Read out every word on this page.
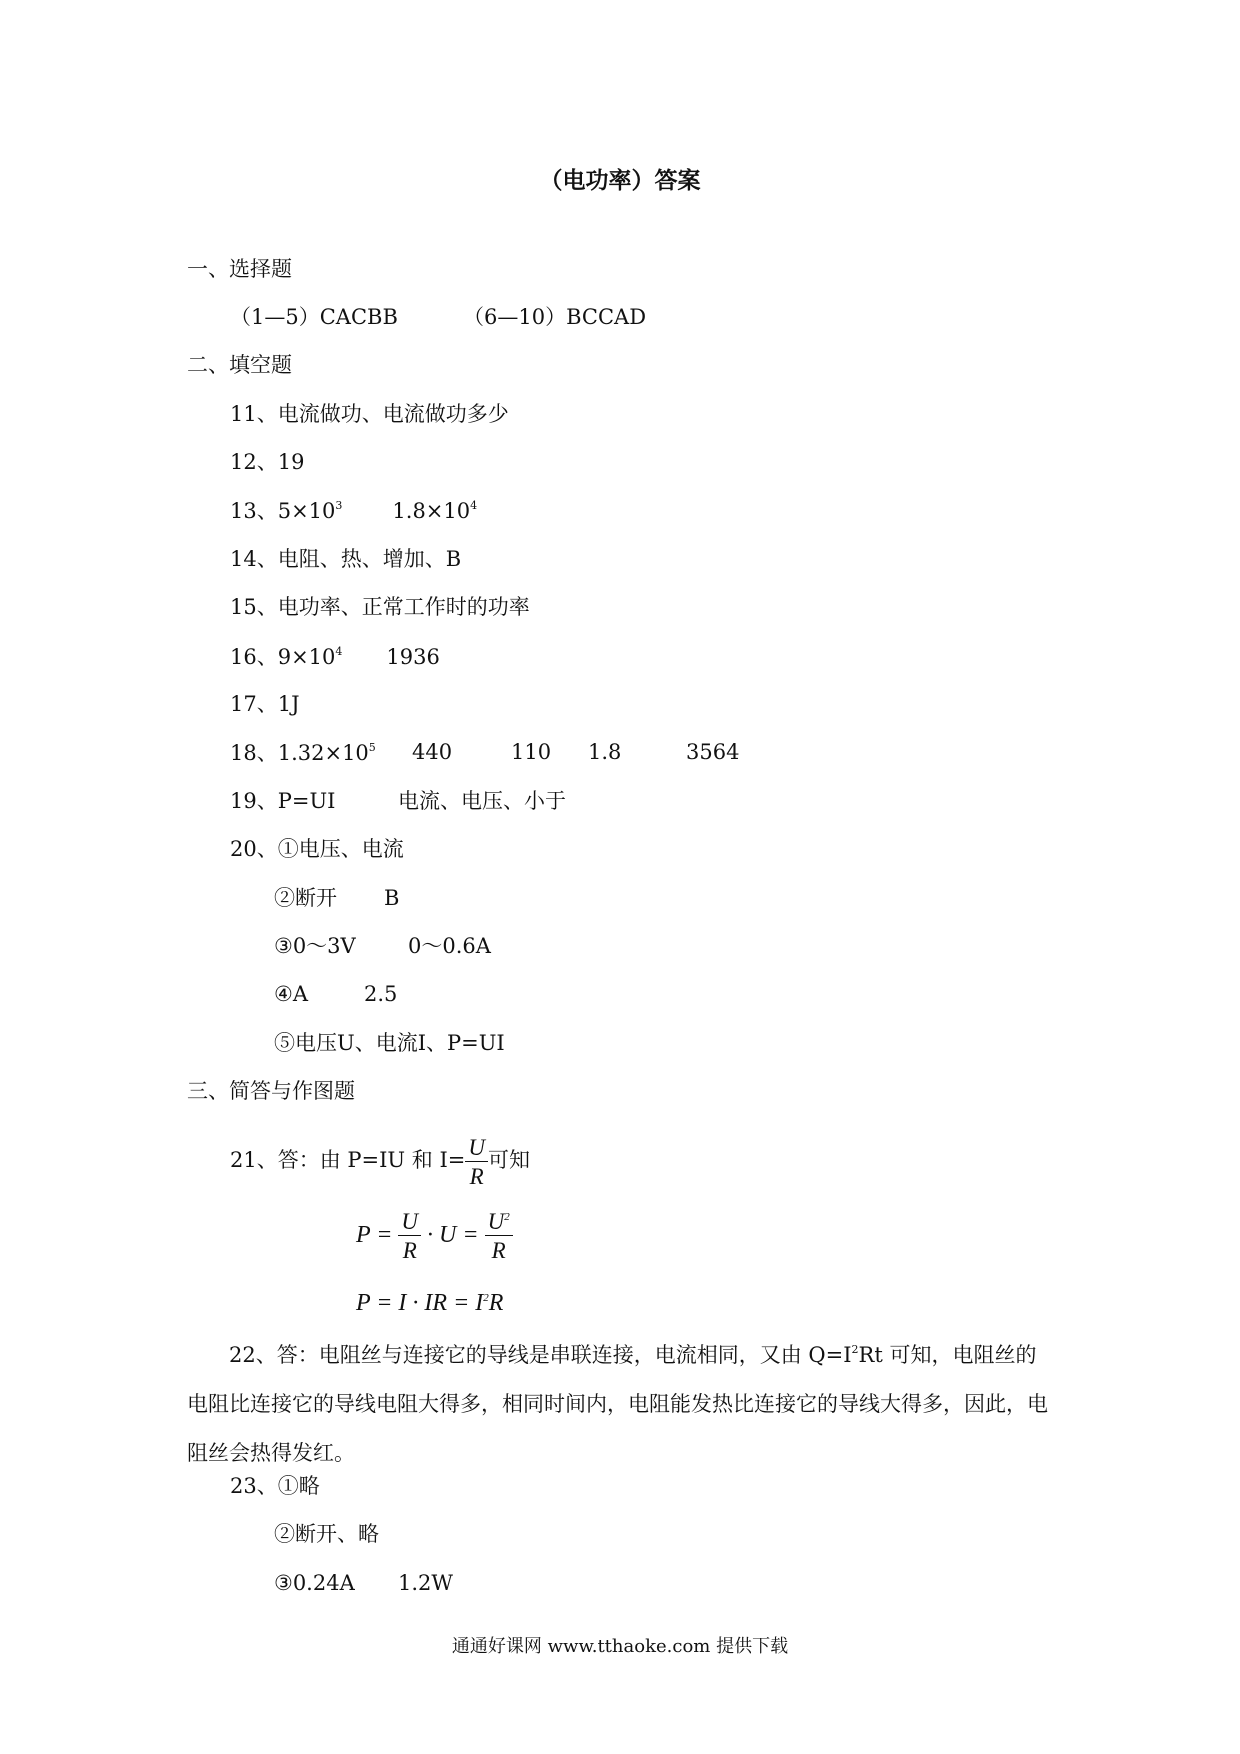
（电功率）答案
一、选择题
（1—5）CACBB	（6—10）BCCAD
二、填空题
11、电流做功、电流做功多少
12、19
13、$5\times 10^3$ $1.8\times 10^4$
14、电阻、热、增加、B
15、电功率、正常工作时的功率
16、$9\times 10^4$ 1936
17、1J
18、$1.32\times 10^5$ 440	110 1.8	3564
19、P=UI	电流、电压、小于
20、①电压、电流
②断开 B
③0～3V 0～0.6A
④A	2.5
⑤电压U、电流I、P=UI
三、简答与作图题
21、答：由 P=IU 和 $I= \frac{U}{R}$ 可知
$P = \frac{U}{R} \cdot U = \frac{U^2}{R}$
P = I · IR = $I^2R$
22、答：电阻丝与连接它的导线是串联连接，电流相同，又由 $Q=I^2Rt$ 可知，电阻丝的电阻比连接它的导线电阻大得多，相同时间内，电阻能发热比连接它的导线大得多，因此，电阻丝会热得发红。
23、①略
②断开、略
③0.24A 1.2W
通通好课网 www.tthaoke.com 提供下载
